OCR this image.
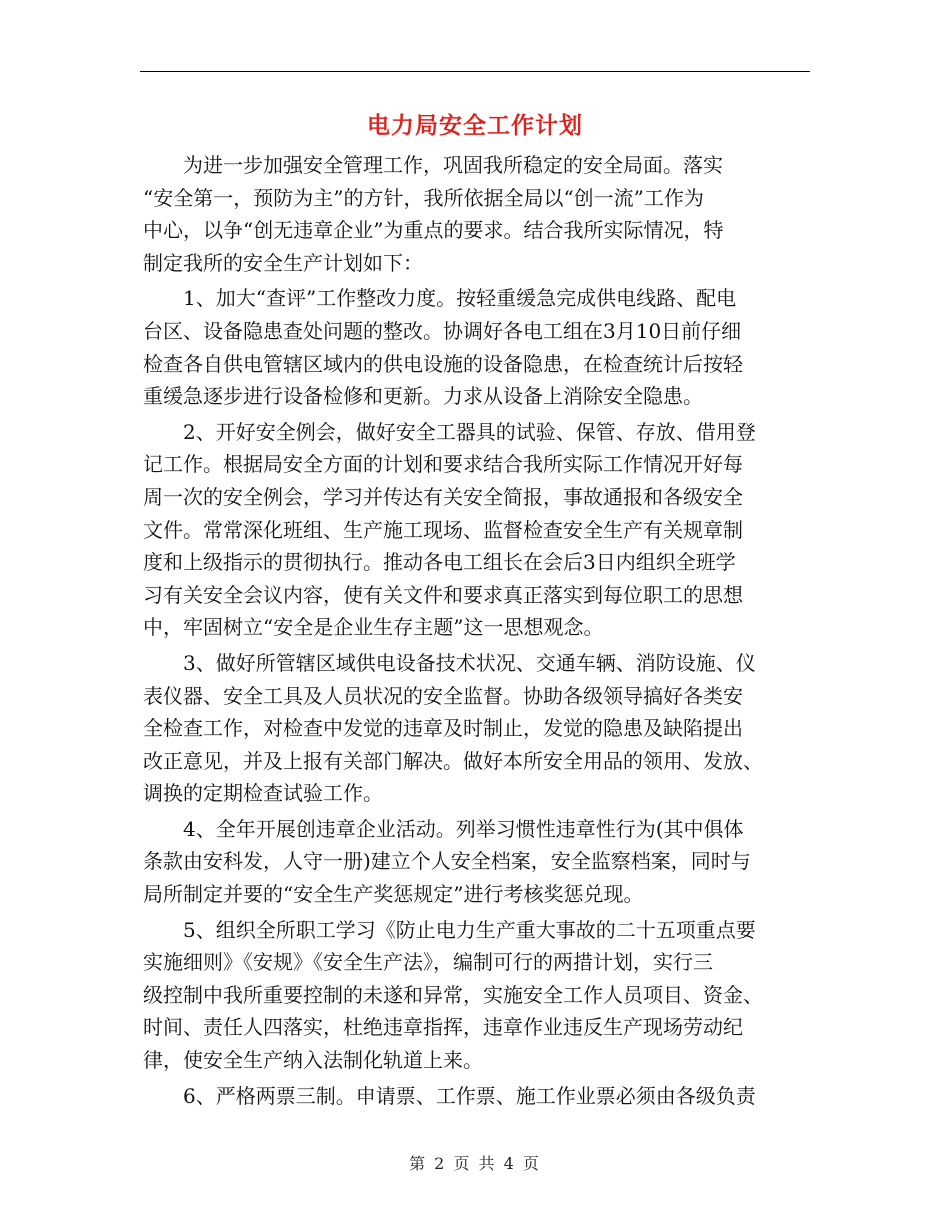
电力局安全工作计划
为进一步加强安全管理工作，巩固我所稳定的安全局面。落实
“安全第一，预防为主”的方针，我所依据全局以“创一流”工作为
中心，以争“创无违章企业”为重点的要求。结合我所实际情况，特
制定我所的安全生产计划如下：
1、加大“查评”工作整改力度。按轻重缓急完成供电线路、配电
台区、设备隐患查处问题的整改。协调好各电工组在3月10日前仔细
检查各自供电管辖区域内的供电设施的设备隐患，在检查统计后按轻
重缓急逐步进行设备检修和更新。力求从设备上消除安全隐患。
2、开好安全例会，做好安全工器具的试验、保管、存放、借用登
记工作。根据局安全方面的计划和要求结合我所实际工作情况开好每
周一次的安全例会，学习并传达有关安全简报，事故通报和各级安全
文件。常常深化班组、生产施工现场、监督检查安全生产有关规章制
度和上级指示的贯彻执行。推动各电工组长在会后3日内组织全班学
习有关安全会议内容，使有关文件和要求真正落实到每位职工的思想
中，牢固树立“安全是企业生存主题”这一思想观念。
3、做好所管辖区域供电设备技术状况、交通车辆、消防设施、仪
表仪器、安全工具及人员状况的安全监督。协助各级领导搞好各类安
全检查工作，对检查中发觉的违章及时制止，发觉的隐患及缺陷提出
改正意见，并及上报有关部门解决。做好本所安全用品的领用、发放、
调换的定期检查试验工作。
4、全年开展创违章企业活动。列举习惯性违章性行为(其中俱体
条款由安科发，人守一册)建立个人安全档案，安全监察档案，同时与
局所制定并要的“安全生产奖惩规定”进行考核奖惩兑现。
5、组织全所职工学习《防止电力生产重大事故的二十五项重点要
实施细则》《安规》《安全生产法》，编制可行的两措计划，实行三
级控制中我所重要控制的未遂和异常，实施安全工作人员项目、资金、
时间、责任人四落实，杜绝违章指挥，违章作业违反生产现场劳动纪
律，使安全生产纳入法制化轨道上来。
6、严格两票三制。申请票、工作票、施工作业票必须由各级负责
第 2 页 共 4 页
